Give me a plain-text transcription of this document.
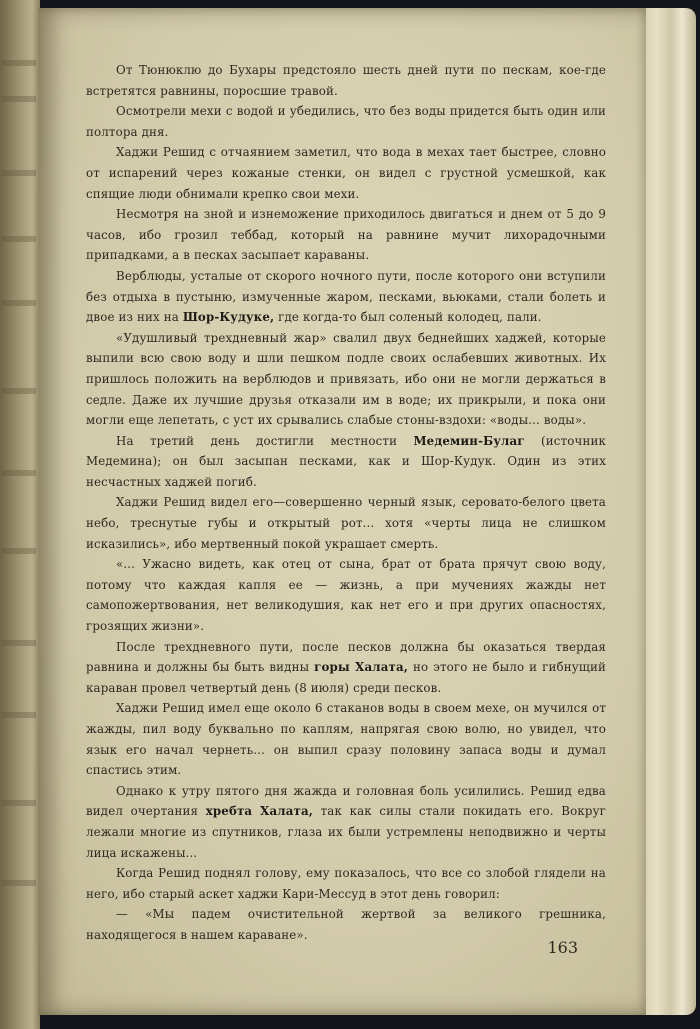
От Тюнюклю до Бухары предстояло шесть дней пути по пескам, кое-где встретятся равнины, поросшие травой.

Осмотрели мехи с водой и убедились, что без воды придется быть один или полтора дня.

Хаджи Решид с отчаянием заметил, что вода в мехах тает быстрее, словно от испарений через кожаные стенки, он видел с грустной усмешкой, как спящие люди обнимали крепко свои мехи.

Несмотря на зной и изнеможение приходилось двигаться и днем от 5 до 9 часов, ибо грозил теббад, который на равнине мучит лихорадочными припадками, а в песках засыпает караваны.

Верблюды, усталые от скорого ночного пути, после которого они вступили без отдыха в пустыню, измученные жаром, песками, вьюками, стали болеть и двое из них на Шор-Кудуке, где когда-то был соленый колодец, пали.

«Удушливый трехдневный жар» свалил двух беднейших хаджей, которые выпили всю свою воду и шли пешком подле своих ослабевших животных. Их пришлось положить на верблюдов и привязать, ибо они не могли держаться в седле. Даже их лучшие друзья отказали им в воде; их прикрыли, и пока они могли еще лепетать, с уст их срывались слабые стоны-вздохи: «воды... воды».

На третий день достигли местности Медемин-Булаг (источник Медемина); он был засыпан песками, как и Шор-Кудук. Один из этих несчастных хаджей погиб.

Хаджи Решид видел его—совершенно черный язык, серовато-белого цвета небо, треснутые губы и открытый рот... хотя «черты лица не слишком исказились», ибо мертвенный покой украшает смерть.

«... Ужасно видеть, как отец от сына, брат от брата прячут свою воду, потому что каждая капля ее — жизнь, а при мучениях жажды нет самопожертвования, нет великодушия, как нет его и при других опасностях, грозящих жизни».

После трехдневного пути, после песков должна бы оказаться твердая равнина и должны бы быть видны горы Халата, но этого не было и гибнущий караван провел четвертый день (8 июля) среди песков.

Хаджи Решид имел еще около 6 стаканов воды в своем мехе, он мучился от жажды, пил воду буквально по каплям, напрягая свою волю, но увидел, что язык его начал чернеть... он выпил сразу половину запаса воды и думал спастись этим.

Однако к утру пятого дня жажда и головная боль усилились. Решид едва видел очертания хребта Халата, так как силы стали покидать его. Вокруг лежали многие из спутников, глаза их были устремлены неподвижно и черты лица искажены...

Когда Решид поднял голову, ему показалось, что все со злобой глядели на него, ибо старый аскет хаджи Кари-Мессуд в этот день говорил:

— «Мы падем очистительной жертвой за великого грешника, находящегося в нашем караване».

163
